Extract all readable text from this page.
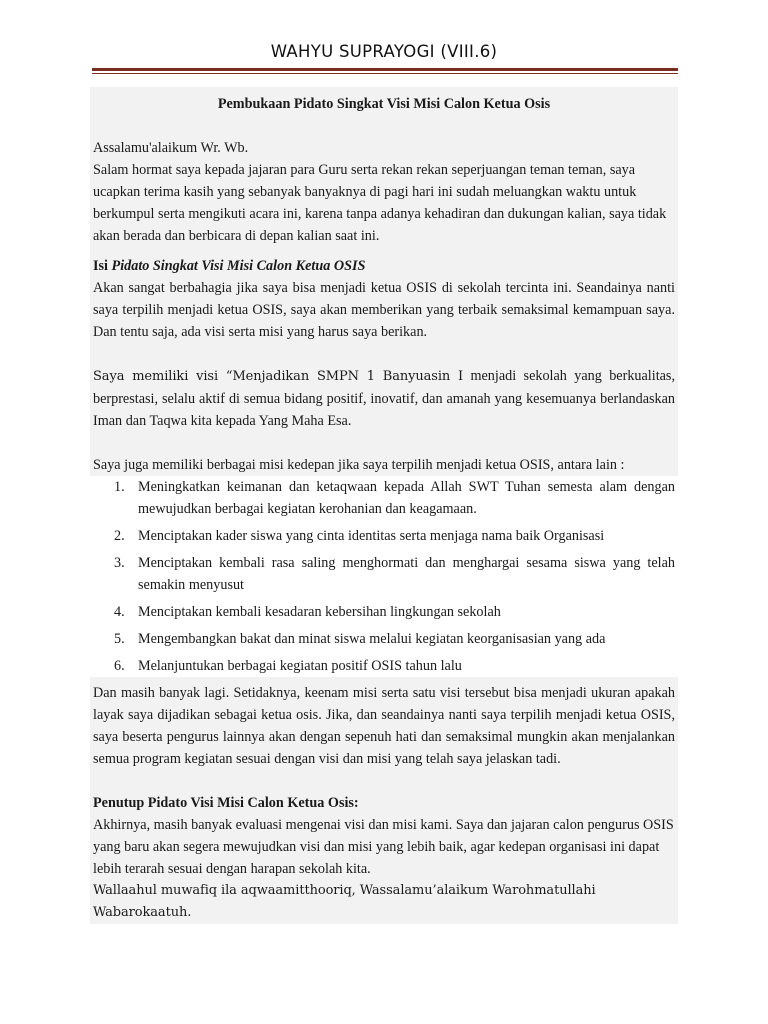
WAHYU SUPRAYOGI (VIII.6)
Pembukaan Pidato Singkat Visi Misi Calon Ketua Osis

Assalamu'alaikum Wr. Wb.

Salam hormat saya kepada jajaran para Guru serta rekan rekan seperjuangan teman teman, saya ucapkan terima kasih yang sebanyak banyaknya di pagi hari ini sudah meluangkan waktu untuk berkumpul serta mengikuti acara ini, karena tanpa adanya kehadiran dan dukungan kalian, saya tidak akan berada dan berbicara di depan kalian saat ini.

Isi Pidato Singkat Visi Misi Calon Ketua OSIS

Akan sangat berbahagia jika saya bisa menjadi ketua OSIS di sekolah tercinta ini. Seandainya nanti saya terpilih menjadi ketua OSIS, saya akan memberikan yang terbaik semaksimal kemampuan saya. Dan tentu saja, ada visi serta misi yang harus saya berikan.

Saya memiliki visi “Menjadikan SMPN 1 Banyuasin I menjadi sekolah yang berkualitas, berprestasi, selalu aktif di semua bidang positif, inovatif, dan amanah yang kesemuanya berlandaskan Iman dan Taqwa kita kepada Yang Maha Esa.

Saya juga memiliki berbagai misi kedepan jika saya terpilih menjadi ketua OSIS, antara lain :

1. Meningkatkan keimanan dan ketaqwaan kepada Allah SWT Tuhan semesta alam dengan mewujudkan berbagai kegiatan kerohanian dan keagamaan.
2. Menciptakan kader siswa yang cinta identitas serta menjaga nama baik Organisasi
3. Menciptakan kembali rasa saling menghormati dan menghargai sesama siswa yang telah semakin menyusut
4. Menciptakan kembali kesadaran kebersihan lingkungan sekolah
5. Mengembangkan bakat dan minat siswa melalui kegiatan keorganisasian yang ada
6. Melanjuntukan berbagai kegiatan positif OSIS tahun lalu

Dan masih banyak lagi. Setidaknya, keenam misi serta satu visi tersebut bisa menjadi ukuran apakah layak saya dijadikan sebagai ketua osis. Jika, dan seandainya nanti saya terpilih menjadi ketua OSIS, saya beserta pengurus lainnya akan dengan sepenuh hati dan semaksimal mungkin akan menjalankan semua program kegiatan sesuai dengan visi dan misi yang telah saya jelaskan tadi.

Penutup Pidato Visi Misi Calon Ketua Osis:

Akhirnya, masih banyak evaluasi mengenai visi dan misi kami. Saya dan jajaran calon pengurus OSIS yang baru akan segera mewujudkan visi dan misi yang lebih baik, agar kedepan organisasi ini dapat lebih terarah sesuai dengan harapan sekolah kita.

Wallaahul muwafiq ila aqwaamitthooriq, Wassalamu’alaikum Warohmatullahi Wabarokaatuh.
